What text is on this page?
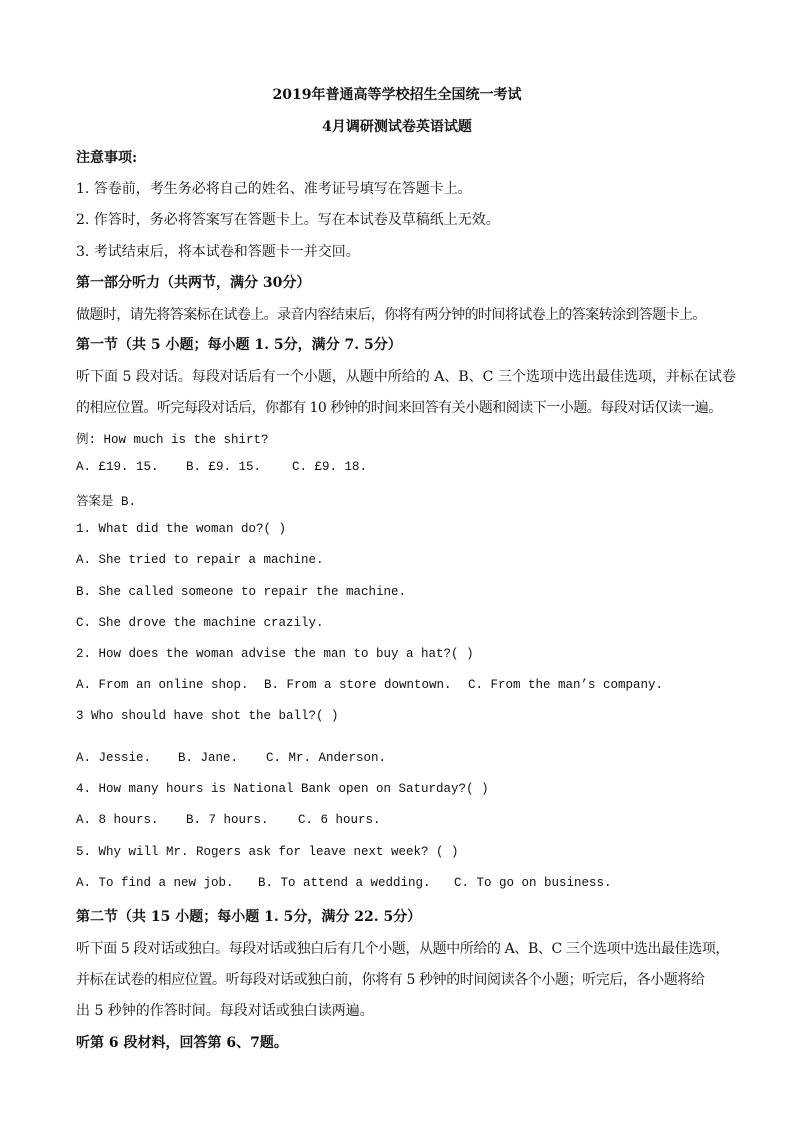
2019年普通高等学校招生全国统一考试
4月调研测试卷英语试题
注意事项:
1. 答卷前，考生务必将自己的姓名、准考证号填写在答题卡上。
2. 作答时，务必将答案写在答题卡上。写在本试卷及草稿纸上无效。
3. 考试结束后，将本试卷和答题卡一并交回。
第一部分听力（共两节，满分 30分）
做题时，请先将答案标在试卷上。录音内容结束后，你将有两分钟的时间将试卷上的答案转涂到答题卡上。
第一节（共 5 小题；每小题 1. 5分，满分 7. 5分）
听下面 5 段对话。每段对话后有一个小题，从题中所给的 A、B、C 三个选项中选出最佳选项，并标在试卷
的相应位置。听完每段对话后，你都有 10 秒钟的时间来回答有关小题和阅读下一小题。每段对话仅读一遍。
例: How much is the shirt?
A. £19. 15. B. £9. 15. C. £9. 18.
答案是 B.
1. What did the woman do?( )
A. She tried to repair a machine.
B. She called someone to repair the machine.
C. She drove the machine crazily.
2. How does the woman advise the man to buy a hat?( )
A. From an online shop. B. From a store downtown. C. From the man’s company.
3 Who should have shot the ball?( )
A. Jessie. B. Jane. C. Mr. Anderson.
4. How many hours is National Bank open on Saturday?( )
A. 8 hours. B. 7 hours. C. 6 hours.
5. Why will Mr. Rogers ask for leave next week? ( )
A. To find a new job. B. To attend a wedding. C. To go on business.
第二节（共 15 小题；每小题 1. 5分，满分 22. 5分）
听下面 5 段对话或独白。每段对话或独白后有几个小题，从题中所给的 A、B、C 三个选项中选出最佳选项，
并标在试卷的相应位置。听每段对话或独白前，你将有 5 秒钟的时间阅读各个小题；听完后，各小题将给
出 5 秒钟的作答时间。每段对话或独白读两遍。
听第 6 段材料，回答第 6、7题。
